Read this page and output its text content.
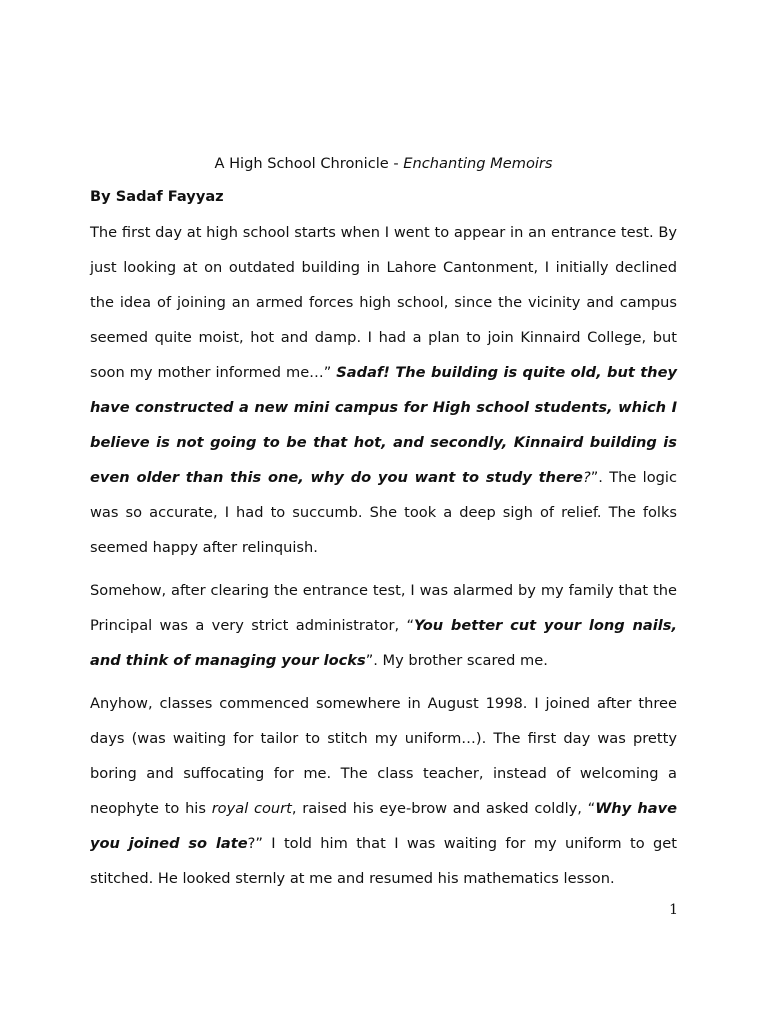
A High School Chronicle - Enchanting Memoirs

By Sadaf Fayyaz

The first day at high school starts when I went to appear in an entrance test. By just looking at on outdated building in Lahore Cantonment, I initially declined the idea of joining an armed forces high school, since the vicinity and campus seemed quite moist, hot and damp. I had a plan to join Kinnaird College, but soon my mother informed me…” Sadaf! The building is quite old, but they have constructed a new mini campus for High school students, which I believe is not going to be that hot, and secondly, Kinnaird building is even older than this one, why do you want to study there?”. The logic was so accurate, I had to succumb. She took a deep sigh of relief. The folks seemed happy after relinquish.

Somehow, after clearing the entrance test, I was alarmed by my family that the Principal was a very strict administrator, “You better cut your long nails, and think of managing your locks”. My brother scared me.

Anyhow, classes commenced somewhere in August 1998. I joined after three days (was waiting for tailor to stitch my uniform…). The first day was pretty boring and suffocating for me. The class teacher, instead of welcoming a neophyte to his royal court, raised his eye-brow and asked coldly, “Why have you joined so late?” I told him that I was waiting for my uniform to get stitched. He looked sternly at me and resumed his mathematics lesson.

1
